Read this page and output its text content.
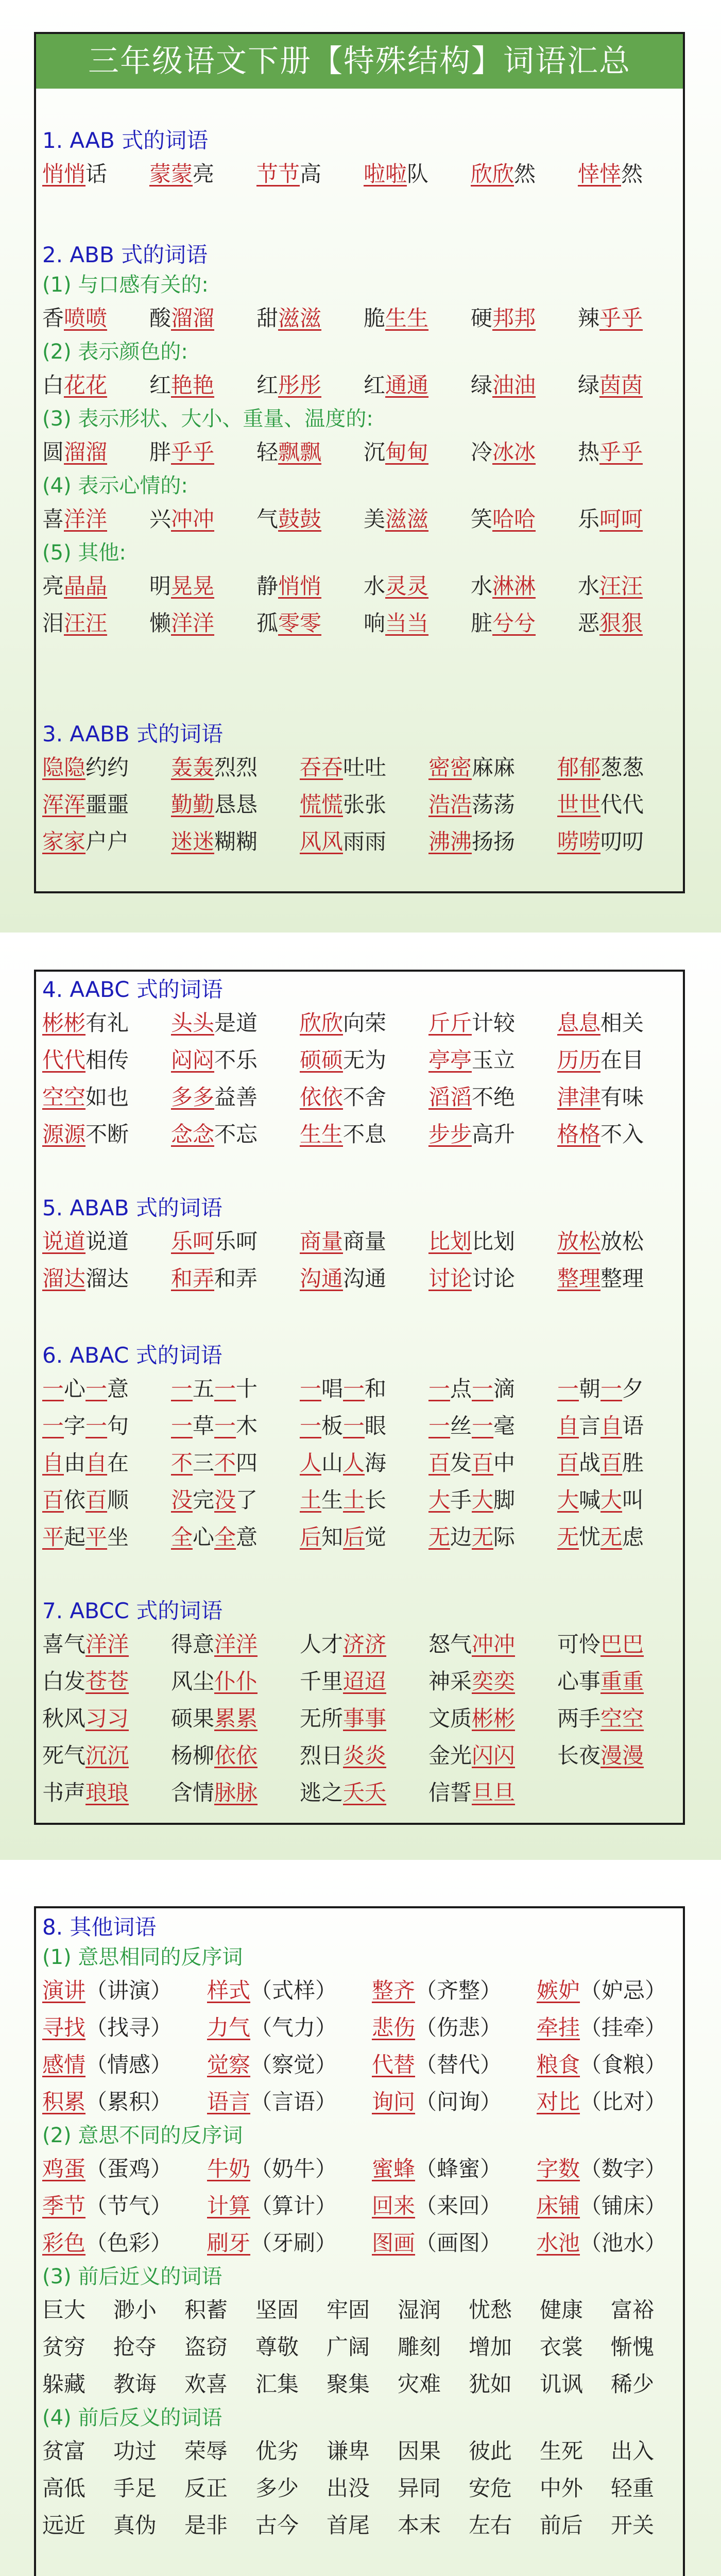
三年级语文下册【特殊结构】词语汇总
1. AAB 式的词语
悄悄话 蒙蒙亮 节节高 啦啦队 欣欣然 悻悻然
2. ABB 式的词语
(1) 与口感有关的:
香喷喷 酸溜溜 甜滋滋 脆生生 硬邦邦 辣乎乎
(2) 表示颜色的:
白花花 红艳艳 红彤彤 红通通 绿油油 绿茵茵
(3) 表示形状、大小、重量、温度的:
圆溜溜 胖乎乎 轻飘飘 沉甸甸 冷冰冰 热乎乎
(4) 表示心情的:
喜洋洋 兴冲冲 气鼓鼓 美滋滋 笑哈哈 乐呵呵
(5) 其他:
亮晶晶 明晃晃 静悄悄 水灵灵 水淋淋 水汪汪
泪汪汪 懒洋洋 孤零零 响当当 脏兮兮 恶狠狠
3. AABB 式的词语
隐隐约约 轰轰烈烈 吞吞吐吐 密密麻麻 郁郁葱葱
浑浑噩噩 勤勤恳恳 慌慌张张 浩浩荡荡 世世代代
家家户户 迷迷糊糊 风风雨雨 沸沸扬扬 唠唠叨叨
4. AABC 式的词语
彬彬有礼 头头是道 欣欣向荣 斤斤计较 息息相关
代代相传 闷闷不乐 硕硕无为 亭亭玉立 历历在目
空空如也 多多益善 依依不舍 滔滔不绝 津津有味
源源不断 念念不忘 生生不息 步步高升 格格不入
5. ABAB 式的词语
说道说道 乐呵乐呵 商量商量 比划比划 放松放松
溜达溜达 和弄和弄 沟通沟通 讨论讨论 整理整理
6. ABAC 式的词语
一心一意 一五一十 一唱一和 一点一滴 一朝一夕
一字一句 一草一木 一板一眼 一丝一毫 自言自语
自由自在 不三不四 人山人海 百发百中 百战百胜
百依百顺 没完没了 土生土长 大手大脚 大喊大叫
平起平坐 全心全意 后知后觉 无边无际 无忧无虑
7. ABCC 式的词语
喜气洋洋 得意洋洋 人才济济 怒气冲冲 可怜巴巴
白发苍苍 风尘仆仆 千里迢迢 神采奕奕 心事重重
秋风习习 硕果累累 无所事事 文质彬彬 两手空空
死气沉沉 杨柳依依 烈日炎炎 金光闪闪 长夜漫漫
书声琅琅 含情脉脉 逃之夭夭 信誓旦旦
8. 其他词语
(1) 意思相同的反序词
演讲（讲演） 样式（式样） 整齐（齐整） 嫉妒（妒忌）
寻找（找寻） 力气（气力） 悲伤（伤悲） 牵挂（挂牵）
感情（情感） 觉察（察觉） 代替（替代） 粮食（食粮）
积累（累积） 语言（言语） 询问（问询） 对比（比对）
(2) 意思不同的反序词
鸡蛋（蛋鸡） 牛奶（奶牛） 蜜蜂（蜂蜜） 字数（数字）
季节（节气） 计算（算计） 回来（来回） 床铺（铺床）
彩色（色彩） 刷牙（牙刷） 图画（画图） 水池（池水）
(3) 前后近义的词语
巨大 渺小 积蓄 坚固 牢固 湿润 忧愁 健康 富裕
贫穷 抢夺 盗窃 尊敬 广阔 雕刻 增加 衣裳 惭愧
躲藏 教诲 欢喜 汇集 聚集 灾难 犹如 讥讽 稀少
(4) 前后反义的词语
贫富 功过 荣辱 优劣 谦卑 因果 彼此 生死 出入
高低 手足 反正 多少 出没 异同 安危 中外 轻重
远近 真伪 是非 古今 首尾 本末 左右 前后 开关
